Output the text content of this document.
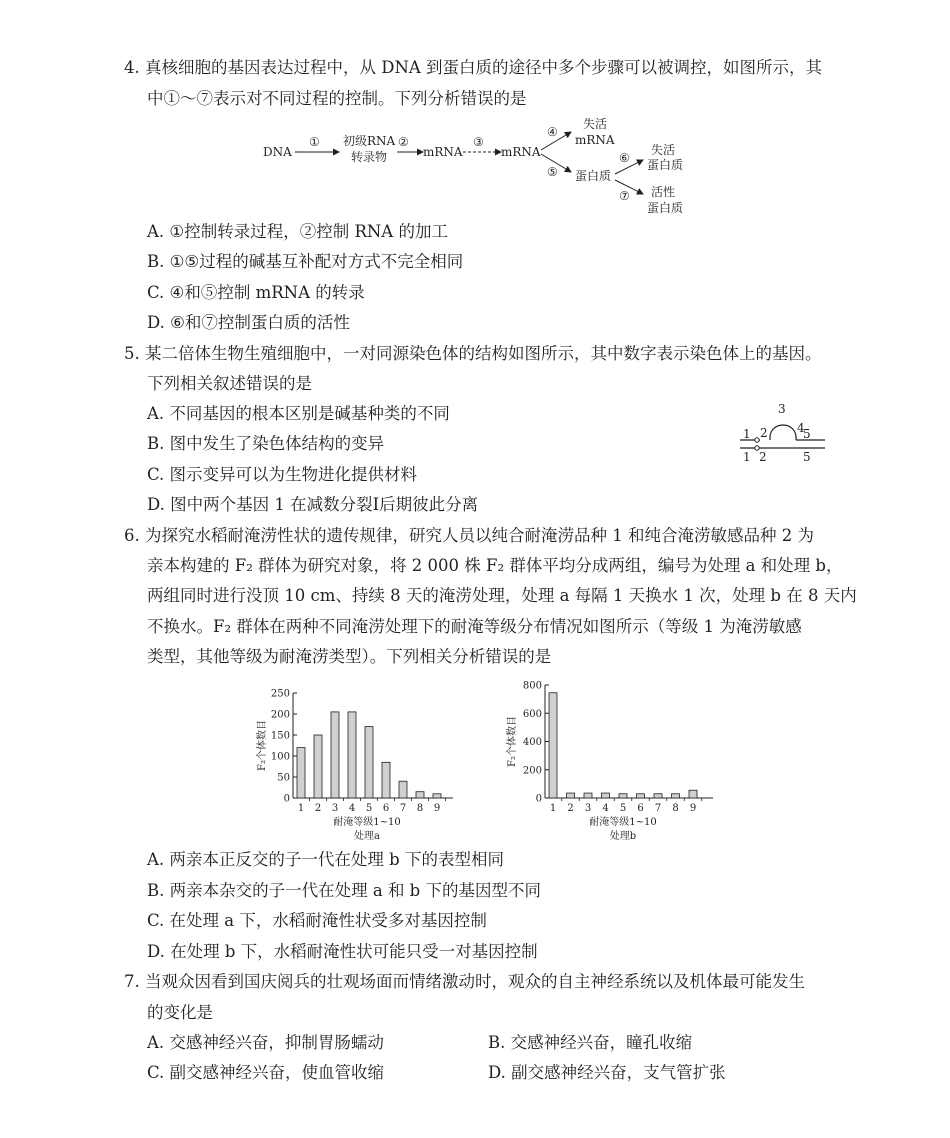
4. 真核细胞的基因表达过程中，从 DNA 到蛋白质的途径中多个步骤可以被调控，如图所示，其
中①～⑦表示对不同过程的控制。下列分析错误的是
DNA
① 初级RNA
转录物
②
mRNA
③
mRNA
④
⑤
失活
mRNA
蛋白质
⑥
⑦
失活
蛋白质
活性
蛋白质
A. ①控制转录过程，②控制 RNA 的加工
B. ①⑤过程的碱基互补配对方式不完全相同
C. ④和⑤控制 mRNA 的转录
D. ⑥和⑦控制蛋白质的活性
5. 某二倍体生物生殖细胞中，一对同源染色体的结构如图所示，其中数字表示染色体上的基因。
下列相关叙述错误的是
A. 不同基因的根本区别是碱基种类的不同
B. 图中发生了染色体结构的变异
C. 图示变异可以为生物进化提供材料
D. 图中两个基因 1 在减数分裂Ⅰ后期彼此分离
1 2
3
4
5
1 2	5
6. 为探究水稻耐淹涝性状的遗传规律，研究人员以纯合耐淹涝品种 1 和纯合淹涝敏感品种 2 为
亲本构建的 F₂ 群体为研究对象，将 2 000 株 F₂ 群体平均分成两组，编号为处理 a 和处理 b，
两组同时进行没顶 10 cm、持续 8 天的淹涝处理，处理 a 每隔 1 天换水 1 次，处理 b 在 8 天内
不换水。F₂ 群体在两种不同淹涝处理下的耐淹等级分布情况如图所示（等级 1 为淹涝敏感
类型，其他等级为耐淹涝类型）。下列相关分析错误的是
0
50
100
150
200
250
1 2 3 4 5 6 7 8 9
F₂个体数目
耐淹等级1~10
处理a
0
200
400
600
800
1 2 3 4 5 6 7 8 9
F₂个体数目
耐淹等级1~10
处理b
A. 两亲本正反交的子一代在处理 b 下的表型相同
B. 两亲本杂交的子一代在处理 a 和 b 下的基因型不同
C. 在处理 a 下，水稻耐淹性状受多对基因控制
D. 在处理 b 下，水稻耐淹性状可能只受一对基因控制
7. 当观众因看到国庆阅兵的壮观场面而情绪激动时，观众的自主神经系统以及机体最可能发生
的变化是
A. 交感神经兴奋，抑制胃肠蠕动	B. 交感神经兴奋，瞳孔收缩
C. 副交感神经兴奋，使血管收缩	D. 副交感神经兴奋，支气管扩张
